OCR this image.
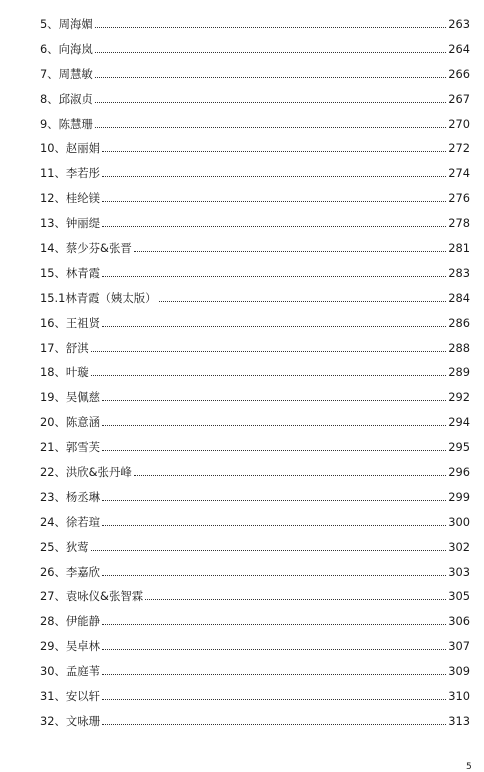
5、周海媚	263
6、向海岚	264
7、周慧敏	266
8、邱淑贞	267
9、陈慧珊	270
10、赵丽娟	272
11、李若彤	274
12、桂纶镁	276
13、钟丽缇	278
14、蔡少芬&张晋	281
15、林青霞	283
15.1林青霞（姨太版）	284
16、王祖贤	286
17、舒淇	288
18、叶璇	289
19、吴佩慈	292
20、陈意涵	294
21、郭雪芙	295
22、洪欣&张丹峰	296
23、杨丞琳	299
24、徐若瑄	300
25、狄莺	302
26、李嘉欣	303
27、袁咏仪&张智霖	305
28、伊能静	306
29、吴卓林	307
30、孟庭苇	309
31、安以轩	310
32、文咏珊	313
5
